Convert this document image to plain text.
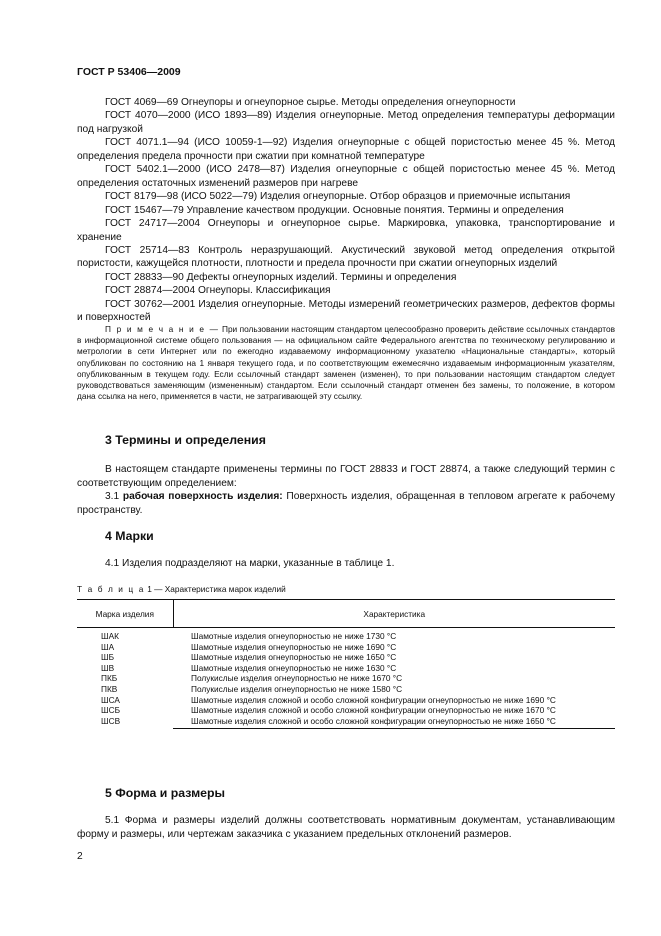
ГОСТ Р 53406—2009

ГОСТ 4069—69 Огнеупоры и огнеупорное сырье. Методы определения огнеупорности

ГОСТ 4070—2000 (ИСО 1893—89) Изделия огнеупорные. Метод определения температуры деформации под нагрузкой

ГОСТ 4071.1—94 (ИСО 10059-1—92) Изделия огнеупорные с общей пористостью менее 45 %. Метод определения предела прочности при сжатии при комнатной температуре

ГОСТ 5402.1—2000 (ИСО 2478—87) Изделия огнеупорные с общей пористостью менее 45 %. Метод определения остаточных изменений размеров при нагреве

ГОСТ 8179—98 (ИСО 5022—79) Изделия огнеупорные. Отбор образцов и приемочные испытания

ГОСТ 15467—79 Управление качеством продукции. Основные понятия. Термины и определения

ГОСТ 24717—2004 Огнеупоры и огнеупорное сырье. Маркировка, упаковка, транспортирование и хранение

ГОСТ 25714—83 Контроль неразрушающий. Акустический звуковой метод определения открытой пористости, кажущейся плотности, плотности и предела прочности при сжатии огнеупорных изделий

ГОСТ 28833—90 Дефекты огнеупорных изделий. Термины и определения

ГОСТ 28874—2004 Огнеупоры. Классификация

ГОСТ 30762—2001 Изделия огнеупорные. Методы измерений геометрических размеров, дефектов формы и поверхностей

П р и м е ч а н и е — При пользовании настоящим стандартом целесообразно проверить действие ссылочных стандартов в информационной системе общего пользования — на официальном сайте Федерального агентства по техническому регулированию и метрологии в сети Интернет или по ежегодно издаваемому информационному указателю «Национальные стандарты», который опубликован по состоянию на 1 января текущего года, и по соответствующим ежемесячно издаваемым информационным указателям, опубликованным в текущем году. Если ссылочный стандарт заменен (изменен), то при пользовании настоящим стандартом следует руководствоваться заменяющим (измененным) стандартом. Если ссылочный стандарт отменен без замены, то положение, в котором дана ссылка на него, применяется в части, не затрагивающей эту ссылку.
3 Термины и определения

В настоящем стандарте применены термины по ГОСТ 28833 и ГОСТ 28874, а также следующий термин с соответствующим определением:

3.1 рабочая поверхность изделия: Поверхность изделия, обращенная в тепловом агрегате к рабочему пространству.

4 Марки

4.1 Изделия подразделяют на марки, указанные в таблице 1.

Т а б л и ц а 1 — Характеристика марок изделий
Марка изделия	Характеристика
ШАК	Шамотные изделия огнеупорностью не ниже 1730 °С
ША	Шамотные изделия огнеупорностью не ниже 1690 °С
ШБ	Шамотные изделия огнеупорностью не ниже 1650 °С
ШВ	Шамотные изделия огнеупорностью не ниже 1630 °С
ПКБ	Полукислые изделия огнеупорностью не ниже 1670 °С
ПКВ	Полукислые изделия огнеупорностью не ниже 1580 °С
ШСА	Шамотные изделия сложной и особо сложной конфигурации огнеупорностью не ниже 1690 °С
ШСБ	Шамотные изделия сложной и особо сложной конфигурации огнеупорностью не ниже 1670 °С
ШСВ	Шамотные изделия сложной и особо сложной конфигурации огнеупорностью не ниже 1650 °С
5 Форма и размеры

5.1 Форма и размеры изделий должны соответствовать нормативным документам, устанавливающим форму и размеры, или чертежам заказчика с указанием предельных отклонений размеров.

2
